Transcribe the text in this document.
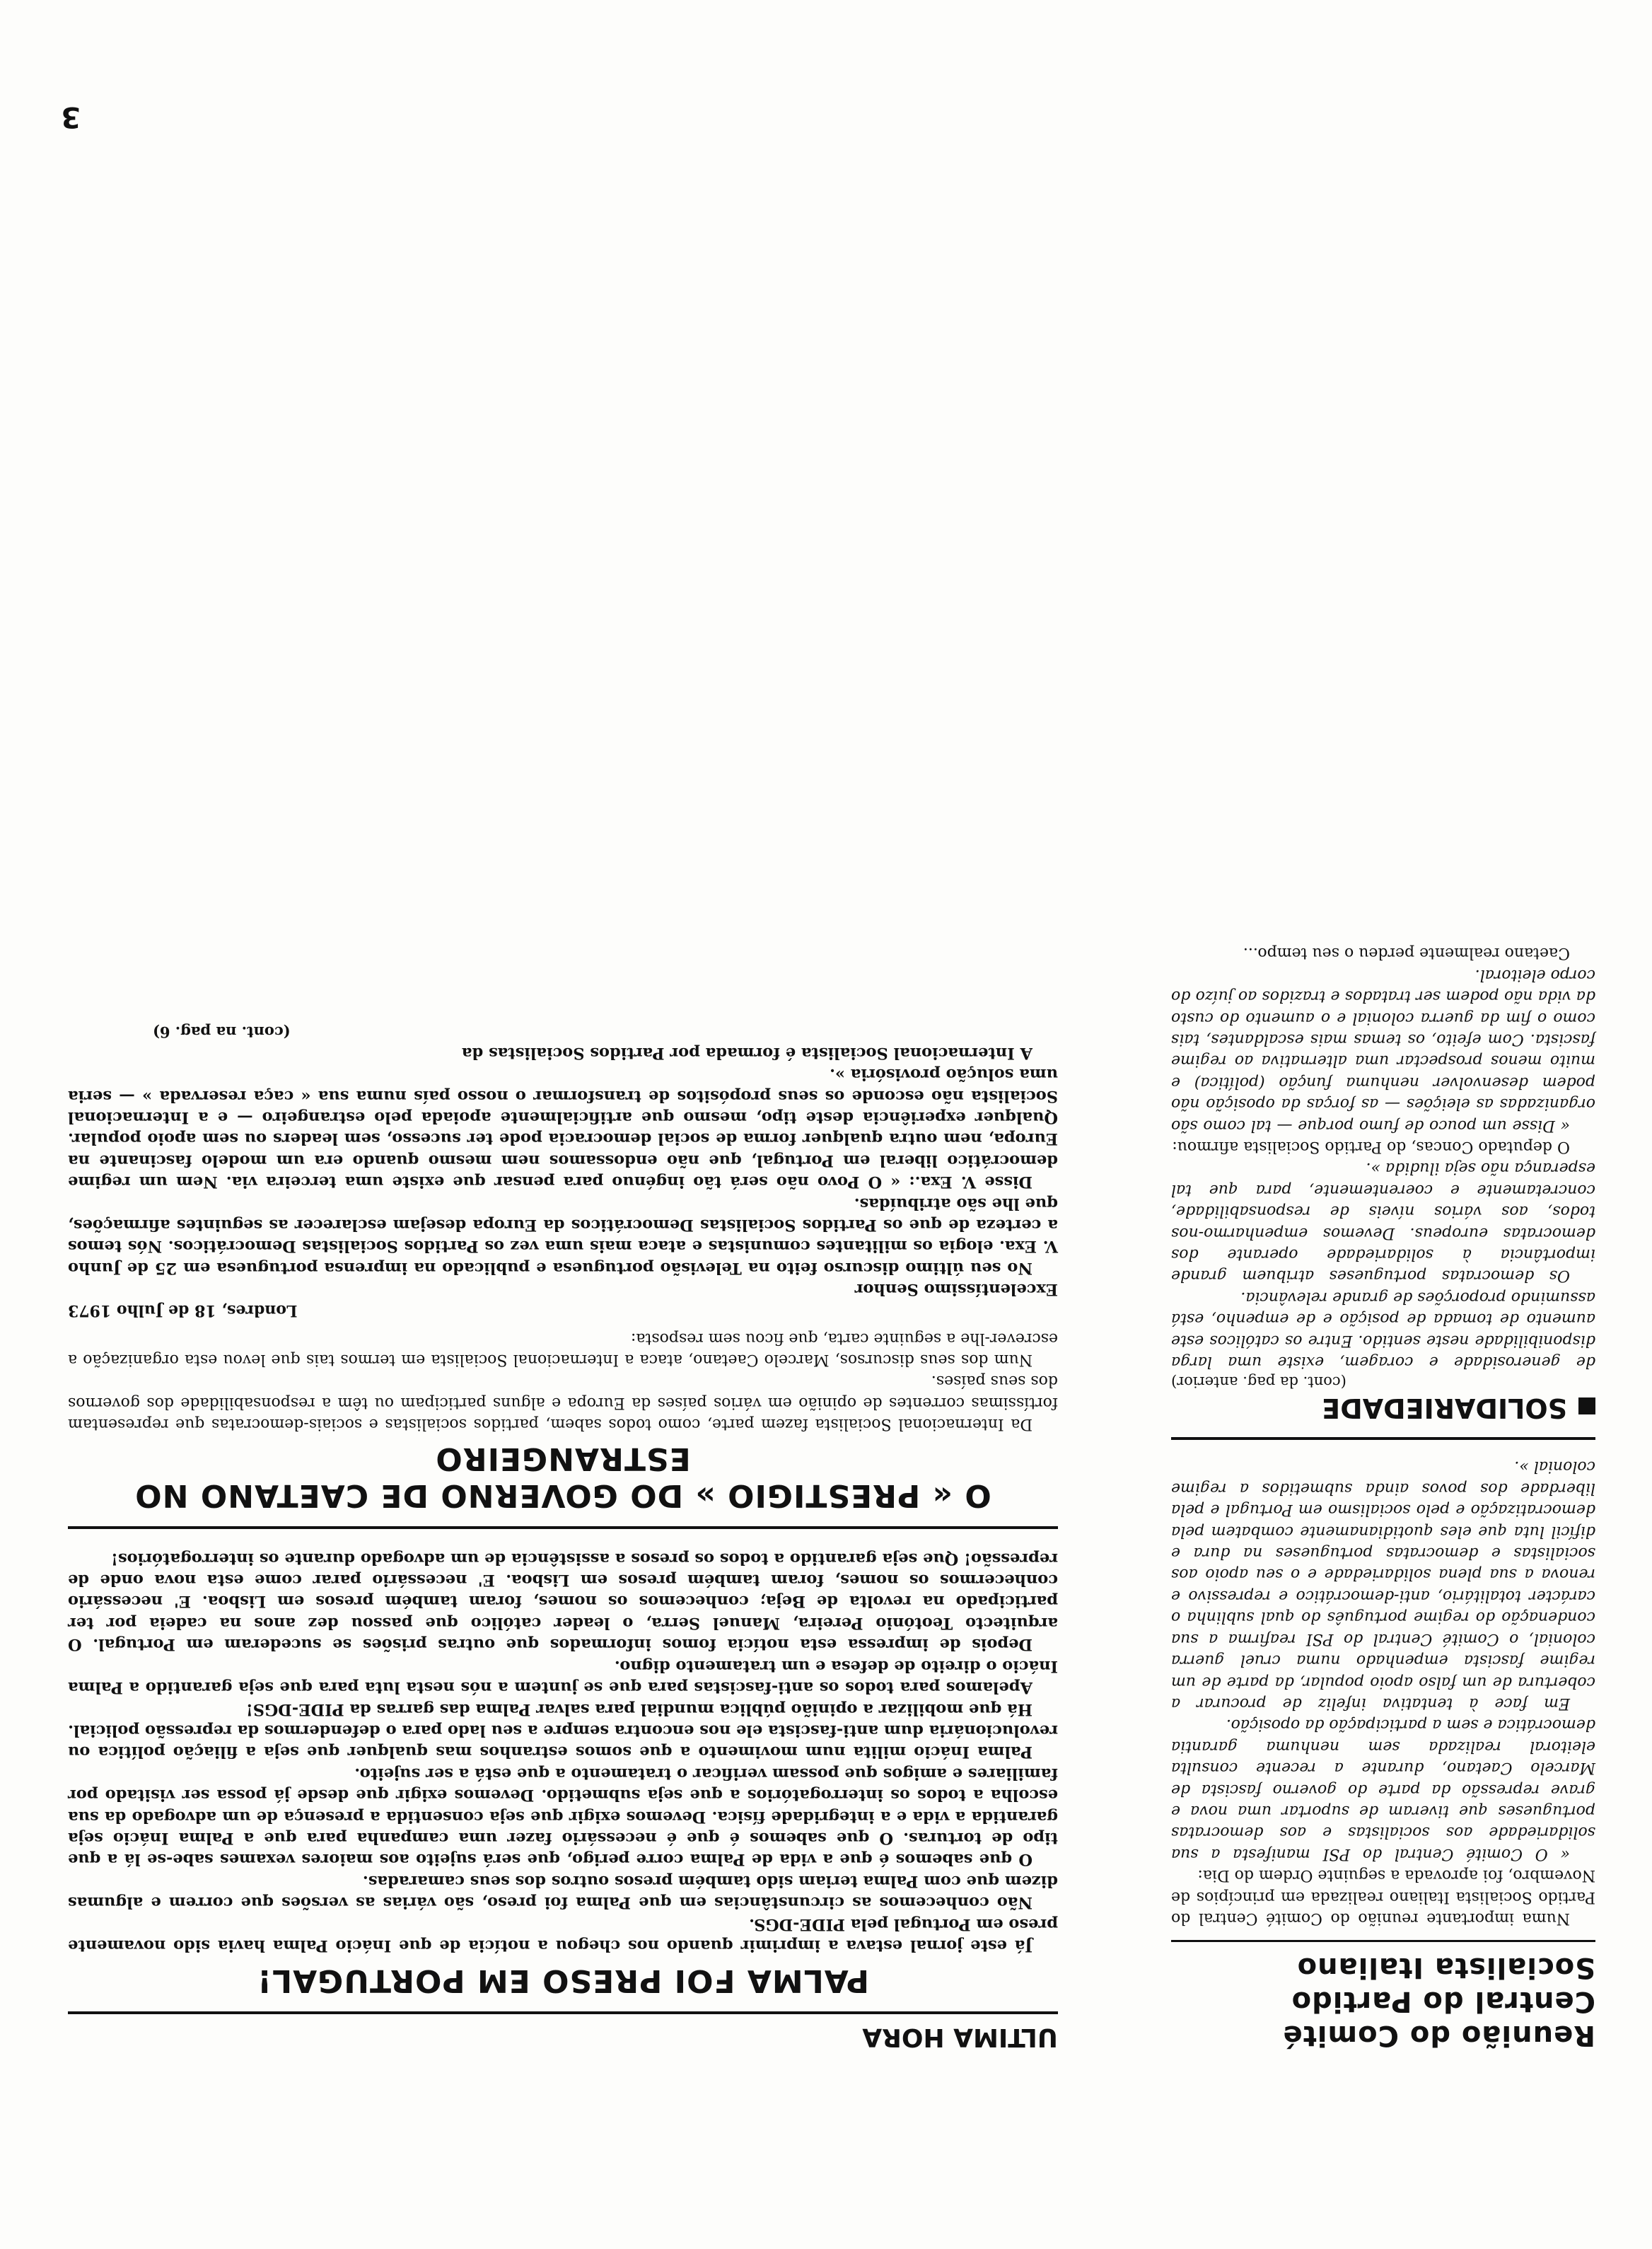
Reunião do Comité Central do Partido Socialista Italiano

Numa importante reunião do Comité Central do Partido Socialista Italiano realizada em princípios de Novembro, foi aprovada a seguinte Ordem do Dia:

« O Comité Central do PSI manifesta a sua solidariedade aos socialistas e aos democratas portugueses que tiveram de suportar uma nova e grave repressão da parte do governo fascista de Marcelo Caetano, durante a recente consulta eleitoral realizada sem nenhuma garantia democrática e sem a participação da oposição.

Em face à tentativa infeliz de procurar a cobertura de um falso apoio popular, da parte de um regime fascista empenhado numa cruel guerra colonial, o Comité Central do PSI reafirma a sua condenação do regime português do qual sublinha o carácter totalitário, anti-democrático e repressivo e renova a sua plena solidariedade e o seu apoio aos socialistas e democratas portugueses na dura e difícil luta que eles quotidianamente combatem pela democratização e pelo socialismo em Portugal e pela liberdade dos povos ainda submetidos a regime colonial ».

SOLIDARIEDADE

(cont. da pag. anterior)

de generosidade e coragem, existe uma larga disponibilidade neste sentido. Entre os católicos este aumento de tomada de posição e de empenho, está assumindo proporções de grande relevância.

Os democratas portugueses atribuem grande importância à solidariedade operante dos democratas europeus. Devemos empenharmo-nos todos, aos vários níveis de responsabilidade, concretamente e coerentemente, para que tal esperança não seja iludida ».

O deputado Concas, do Partido Socialista afirmou:

« Disse um pouco de fumo porque — tal como são organizadas as eleições — as forças da oposição não podem desenvolver nenhuma função (política) e muito menos prospectar uma alternativa ao regime fascista. Com efeito, os temas mais escaldantes, tais como o fim da guerra colonial e o aumento do custo da vida não podem ser tratados e trazidos ao juízo do corpo eleitoral.

Caetano realmente perdeu o seu tempo...

ULTIMA HORA
PALMA FOI PRESO EM PORTUGAL!

Já este jornal estava a imprimir quando nos chegou a notícia de que Inácio Palma havia sido novamente preso em Portugal pela PIDE-DGS.

Não conhecemos as circunstâncias em que Palma foi preso, são várias as versões que correm e algumas dizem que com Palma teriam sido também presos outros dos seus camaradas.

O que sabemos é que a vida de Palma corre perigo, que será sujeito aos maiores vexames sabe-se lá a que tipo de torturas. O que sabemos é que é necessário fazer uma campanha para que a Palma Inácio seja garantida a vida e a integridade física. Devemos exigir que seja consentida a presença de um advogado da sua escolha a todos os interrogatórios a que seja submetido. Devemos exigir que desde já possa ser visitado por familiares e amigos que possam verificar o tratamento a que está a ser sujeito.

Palma Inácio milita num movimento a que somos estranhos mas qualquer que seja a filiação política ou revolucionária dum anti-fascista ele nos encontra sempre a seu lado para o defendermos da repressão policial.

Há que mobilizar a opinião pública mundial para salvar Palma das garras da PIDE-DGS!

Apelamos para todos os anti-fascistas para que se juntem a nós nesta luta para que seja garantido a Palma Inácio o direito de defesa e um tratamento digno.

Depois de impressa esta notícia fomos informados que outras prisões se sucederam em Portugal. O arquitecto Teotónio Pereira, Manuel Serra, o leader católico que passou dez anos na cadeia por ter participado na revolta de Beja; conhecemos os nomes, foram também presos em Lisboa. E' necessário conhecermos os nomes, foram também presos em Lisboa. E' necessário parar come esta nova onde de repressão! Que seja garantido a todos os presos a assistência de um advogado durante os interrogatórios!

O « PRESTIGIO » DO GOVERNO DE CAETANO NO ESTRANGEIRO

Da Internacional Socialista fazem parte, como todos sabem, partidos socialistas e sociais-democratas que representam fortíssimas correntes de opinião em vários países da Europa e alguns participam ou têm a responsabilidade dos governos dos seus países.

Num dos seus discursos, Marcelo Caetano, ataca a Internacional Socialista em termos tais que levou esta organização a escrever-lhe a seguinte carta, que ficou sem resposta:

Londres, 18 de Julho 1973

Excelentíssimo Senhor

No seu último discurso feito na Televisão portuguesa e publicado na imprensa portuguesa em 25 de Junho V. Exa. elogia os militantes comunistas e ataca mais uma vez os Partidos Socialistas Democráticos. Nós temos a certeza de que os Partidos Socialistas Democráticos da Europa desejam esclarecer as seguintes afirmações, que lhe são atribuídas.

Disse V. Exa.: « O Povo não será tão ingénuo para pensar que existe uma terceira via. Nem um regime democrático liberal em Portugal, que não endossamos nem mesmo quando era um modelo fascinante na Europa, nem outra qualquer forma de social democracia pode ter sucesso, sem leaders ou sem apoio popular. Qualquer experiência deste tipo, mesmo que artificialmente apoiada pelo estrangeiro — e a Internacional Socialista não esconde os seus propósitos de transformar o nosso país numa sua « caça reservada » — seria uma solução provisória ».

A Internacional Socialista é formada por Partidos Socialistas da

(cont. na pag. 6)

3
